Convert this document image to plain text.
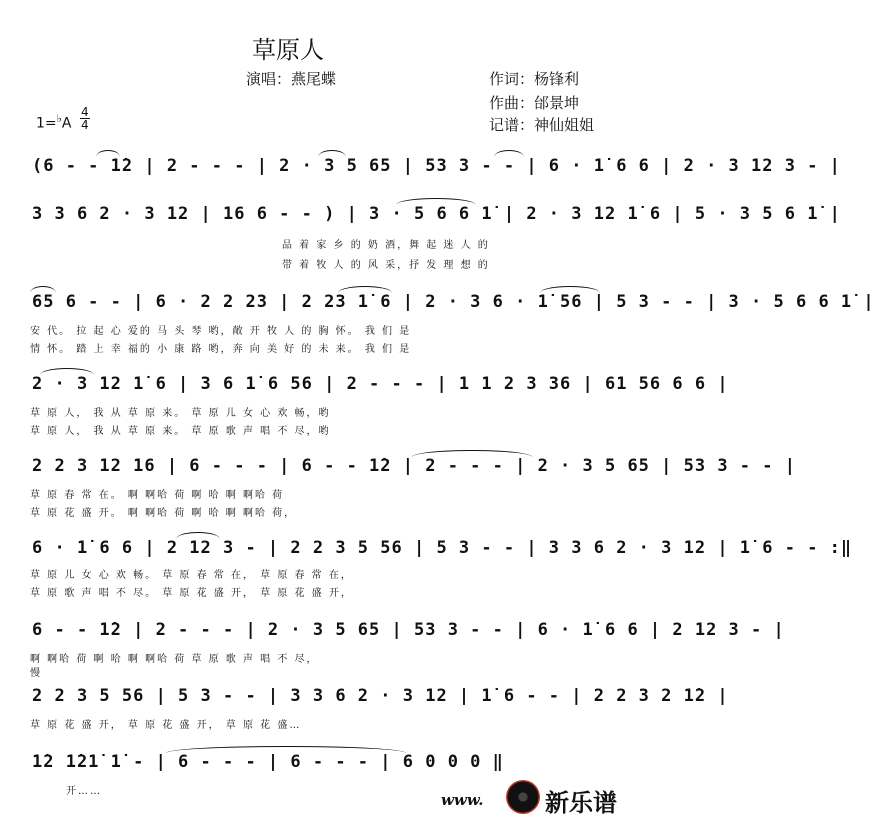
草原人
演唱：燕尾蝶	作词：杨锋利
作曲：邰景坤
记谱：神仙姐姐
$1=^♭A \frac{4}{4}$
(6 - - 1̇2 | 2 - - - | 2 · 3 5 65 | 53 3 - - | 6 · 1̇ 6 6 | 2 · 3 12 3 - |
3 3 6 2 · 3 12 | 16 6 - - ) | 3 · 5 6 6 1̇ | 2 · 3 12 1̇ 6 | 5 · 3 5 6 1̇ |
品 着 家 乡 的 奶 酒，舞 起 迷 人 的
带 着 牧 人 的 风 采，抒 发 理 想 的
65 6 - - | 6 · 2 2 23 | 2 23 1̇ 6 | 2 · 3 6 · 1̇ 56 | 5 3 - - | 3 · 5 6 6 1̇ |
安 代。 拉 起 心 爱的 马 头 琴 哟，敞 开 牧 人 的 胸 怀。 我 们 是
情 怀。 踏 上 幸 福的 小 康 路 哟，奔 向 美 好 的 未 来。 我 们 是
2 · 3 12 1̇ 6 | 3 6 1̇ 6 56 | 2 - - - | 1 1 2 3 36 | 61 56 6 6 |
草 原 人， 我 从 草 原 来。 草 原 儿 女 心 欢 畅，哟
草 原 人， 我 从 草 原 来。 草 原 歌 声 唱 不 尽，哟
2 2 3 12 16 | 6 - - - | 6 - - 1̇2 | 2 - - - | 2 · 3 5 65 | 53 3 - - |
草 原 春 常 在。 啊 啊哈 荷 啊 哈 啊 啊哈 荷
草 原 花 盛 开。 啊 啊哈 荷 啊 哈 啊 啊哈 荷，
6 · 1̇ 6 6 | 2 12 3 - | 2 2 3 5 56 | 5 3 - - | 3 3 6 2 · 3 12 | 1̇ 6 - - :‖
草 原 儿 女 心 欢 畅。 草 原 春 常 在， 草 原 春 常 在，
草 原 歌 声 唱 不 尽。 草 原 花 盛 开， 草 原 花 盛 开，
6 - - 1̇2 | 2 - - - | 2 · 3 5 65 | 53 3 - - | 6 · 1̇ 6 6 | 2 12 3 - |
啊 啊哈 荷 啊 哈 啊 啊哈 荷 草 原 歌 声 唱 不 尽，
慢
2 2 3 5 56 | 5 3 - - | 3 3 6 2 · 3 12 | 1̇ 6 - - | 2 2 3 2 1̇2 |
草 原 花 盛 开， 草 原 花 盛 开， 草 原 花 盛…
1̇2 1̇21̇ 1̇ - | 6 - - - | 6 - - - | 6 0 0 0 ‖
开……	www.	新乐谱
